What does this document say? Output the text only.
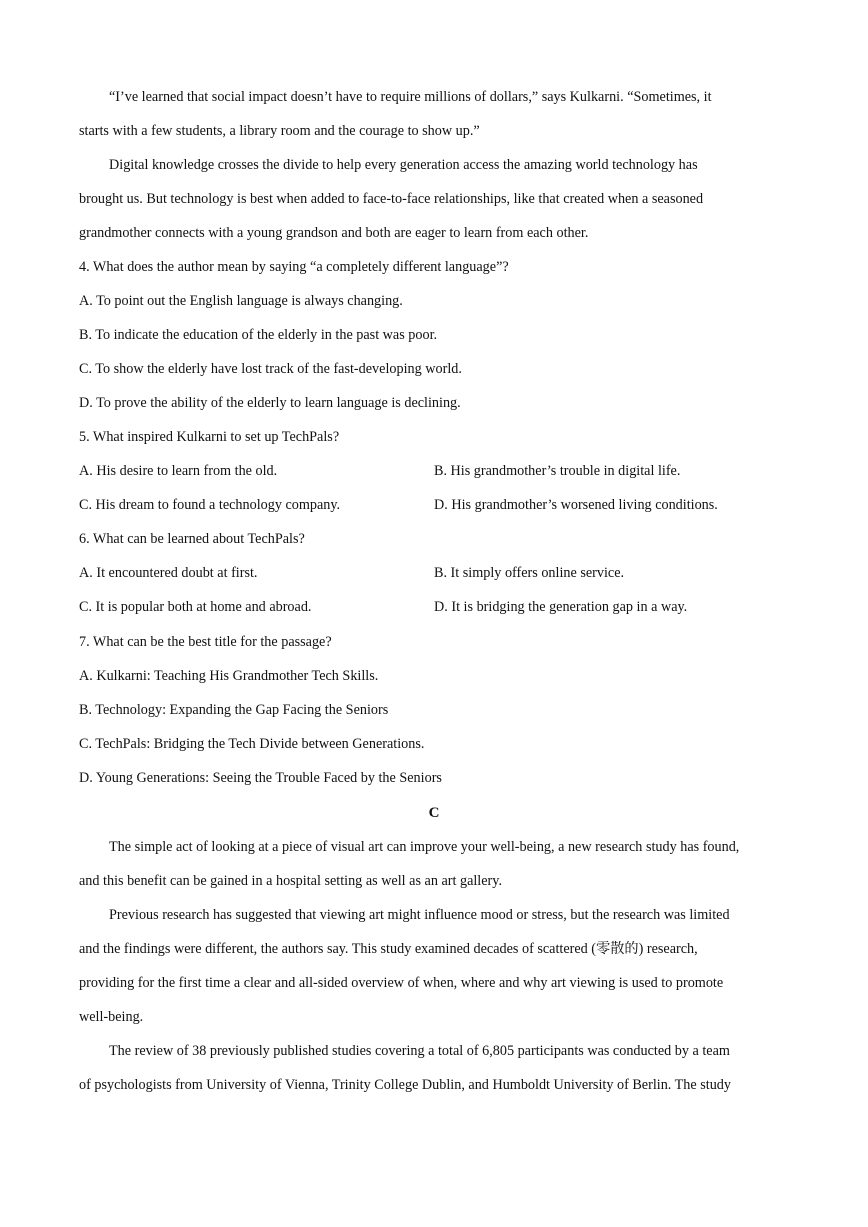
“I’ve learned that social impact doesn’t have to require millions of dollars,” says Kulkarni. “Sometimes, it
starts with a few students, a library room and the courage to show up.”
Digital knowledge crosses the divide to help every generation access the amazing world technology has
brought us. But technology is best when added to face-to-face relationships, like that created when a seasoned
grandmother connects with a young grandson and both are eager to learn from each other.
4. What does the author mean by saying “a completely different language”?
A. To point out the English language is always changing.
B. To indicate the education of the elderly in the past was poor.
C. To show the elderly have lost track of the fast-developing world.
D. To prove the ability of the elderly to learn language is declining.
5. What inspired Kulkarni to set up TechPals?
A. His desire to learn from the old.	B. His grandmother’s trouble in digital life.
C. His dream to found a technology company.	D. His grandmother’s worsened living conditions.
6. What can be learned about TechPals?
A. It encountered doubt at first.	B. It simply offers online service.
C. It is popular both at home and abroad.	D. It is bridging the generation gap in a way.
7. What can be the best title for the passage?
A. Kulkarni: Teaching His Grandmother Tech Skills.
B. Technology: Expanding the Gap Facing the Seniors
C. TechPals: Bridging the Tech Divide between Generations.
D. Young Generations: Seeing the Trouble Faced by the Seniors
C
The simple act of looking at a piece of visual art can improve your well-being, a new research study has found,
and this benefit can be gained in a hospital setting as well as an art gallery.
Previous research has suggested that viewing art might influence mood or stress, but the research was limited
and the findings were different, the authors say. This study examined decades of scattered (零散的) research,
providing for the first time a clear and all-sided overview of when, where and why art viewing is used to promote
well-being.
The review of 38 previously published studies covering a total of 6,805 participants was conducted by a team
of psychologists from University of Vienna, Trinity College Dublin, and Humboldt University of Berlin. The study
